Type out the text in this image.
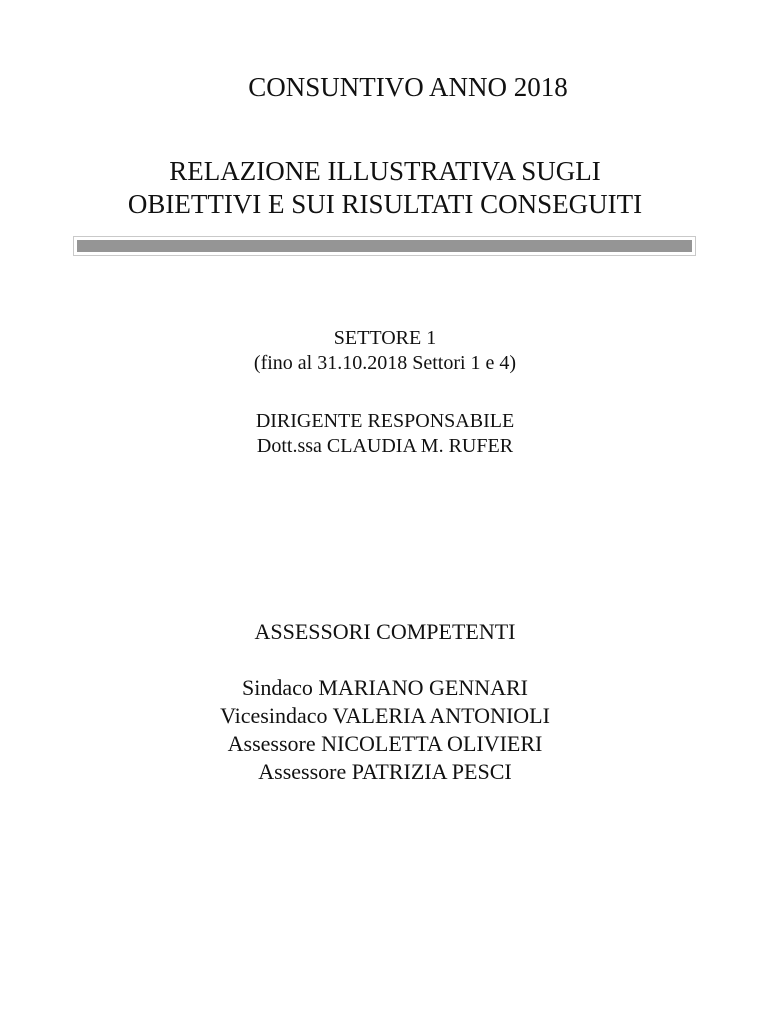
CONSUNTIVO ANNO 2018
RELAZIONE ILLUSTRATIVA SUGLI
OBIETTIVI E SUI RISULTATI CONSEGUITI
SETTORE 1
(fino al 31.10.2018 Settori 1 e 4)
DIRIGENTE RESPONSABILE
Dott.ssa CLAUDIA M. RUFER
ASSESSORI COMPETENTI
Sindaco MARIANO GENNARI
Vicesindaco VALERIA ANTONIOLI
Assessore NICOLETTA OLIVIERI
Assessore PATRIZIA PESCI
